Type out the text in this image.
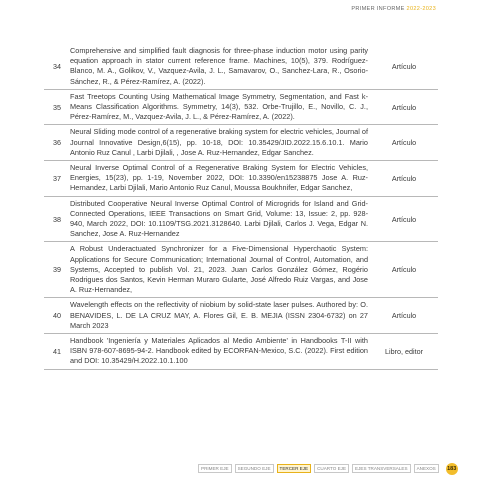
PRIMER INFORME 2022-2023
34
Comprehensive and simplified fault diagnosis for three-phase induction motor using parity equation approach in stator current reference frame. Machines, 10(5), 379. Rodríguez-Blanco, M. A., Golikov, V., Vazquez-Avila, J. L., Samavarov, O., Sanchez-Lara, R., Osorio-Sánchez, R., & Pérez-Ramírez, A. (2022).
Artículo
35
Fast Treetops Counting Using Mathematical Image Symmetry, Segmentation, and Fast k-Means Classification Algorithms. Symmetry, 14(3), 532. Orbe-Trujillo, E., Novillo, C. J., Pérez-Ramírez, M., Vazquez-Avila, J. L., & Pérez-Ramírez, A. (2022).
Artículo
36
Neural Sliding mode control of a regenerative braking system for electric vehicles, Journal of Journal Innovative Design,6(15), pp. 10-18, DOI: 10.35429/JID.2022.15.6.10.1. Mario Antonio Ruz Canul , Larbi Djilali, , Jose A. Ruz-Hernandez, Edgar Sanchez.
Artículo
37
Neural Inverse Optimal Control of a Regenerative Braking System for Electric Vehicles, Energies, 15(23), pp. 1-19, November 2022, DOI: 10.3390/en15238875 Jose A. Ruz-Hernandez, Larbi Djilali, Mario Antonio Ruz Canul, Moussa Boukhnifer, Edgar Sanchez,
Artículo
38
Distributed Cooperative Neural Inverse Optimal Control of Microgrids for Island and Grid-Connected Operations, IEEE Transactions on Smart Grid, Volume: 13, Issue: 2, pp. 928-940, March 2022, DOI: 10.1109/TSG.2021.3128640. Larbi Djilali, Carlos J. Vega, Edgar N. Sanchez, Jose A. Ruz-Hernandez
Artículo
39
A Robust Underactuated Synchronizer for a Five-Dimensional Hyperchaotic System: Applications for Secure Communication; International Journal of Control, Automation, and Systems, Accepted to publish Vol. 21, 2023. Juan Carlos González Gómez, Rogério Rodrigues dos Santos, Kevin Herman Muraro Gularte, José Alfredo Ruiz Vargas, and Jose A. Ruz-Hernandez,
Artículo
40
Wavelength effects on the reflectivity of niobium by solid-state laser pulses. Authored by: O. BENAVIDES, L. DE LA CRUZ MAY, A. Flores Gil, E. B. MEJIA (ISSN 2304-6732) on 27 March 2023
Artículo
41
Handbook 'Ingeniería y Materiales Aplicados al Medio Ambiente' in Handbooks T-II with ISBN 978-607-8695-94-2. Handbook edited by ECORFAN-Mexico, S.C. (2022). First edition and DOI: 10.35429/H.2022.10.1.100
Libro, editor
PRIMER EJE	SEGUNDO EJE	TERCER EJE	CUARTO EJE	EJES TRANSVERSALES	ANEXOS	183
